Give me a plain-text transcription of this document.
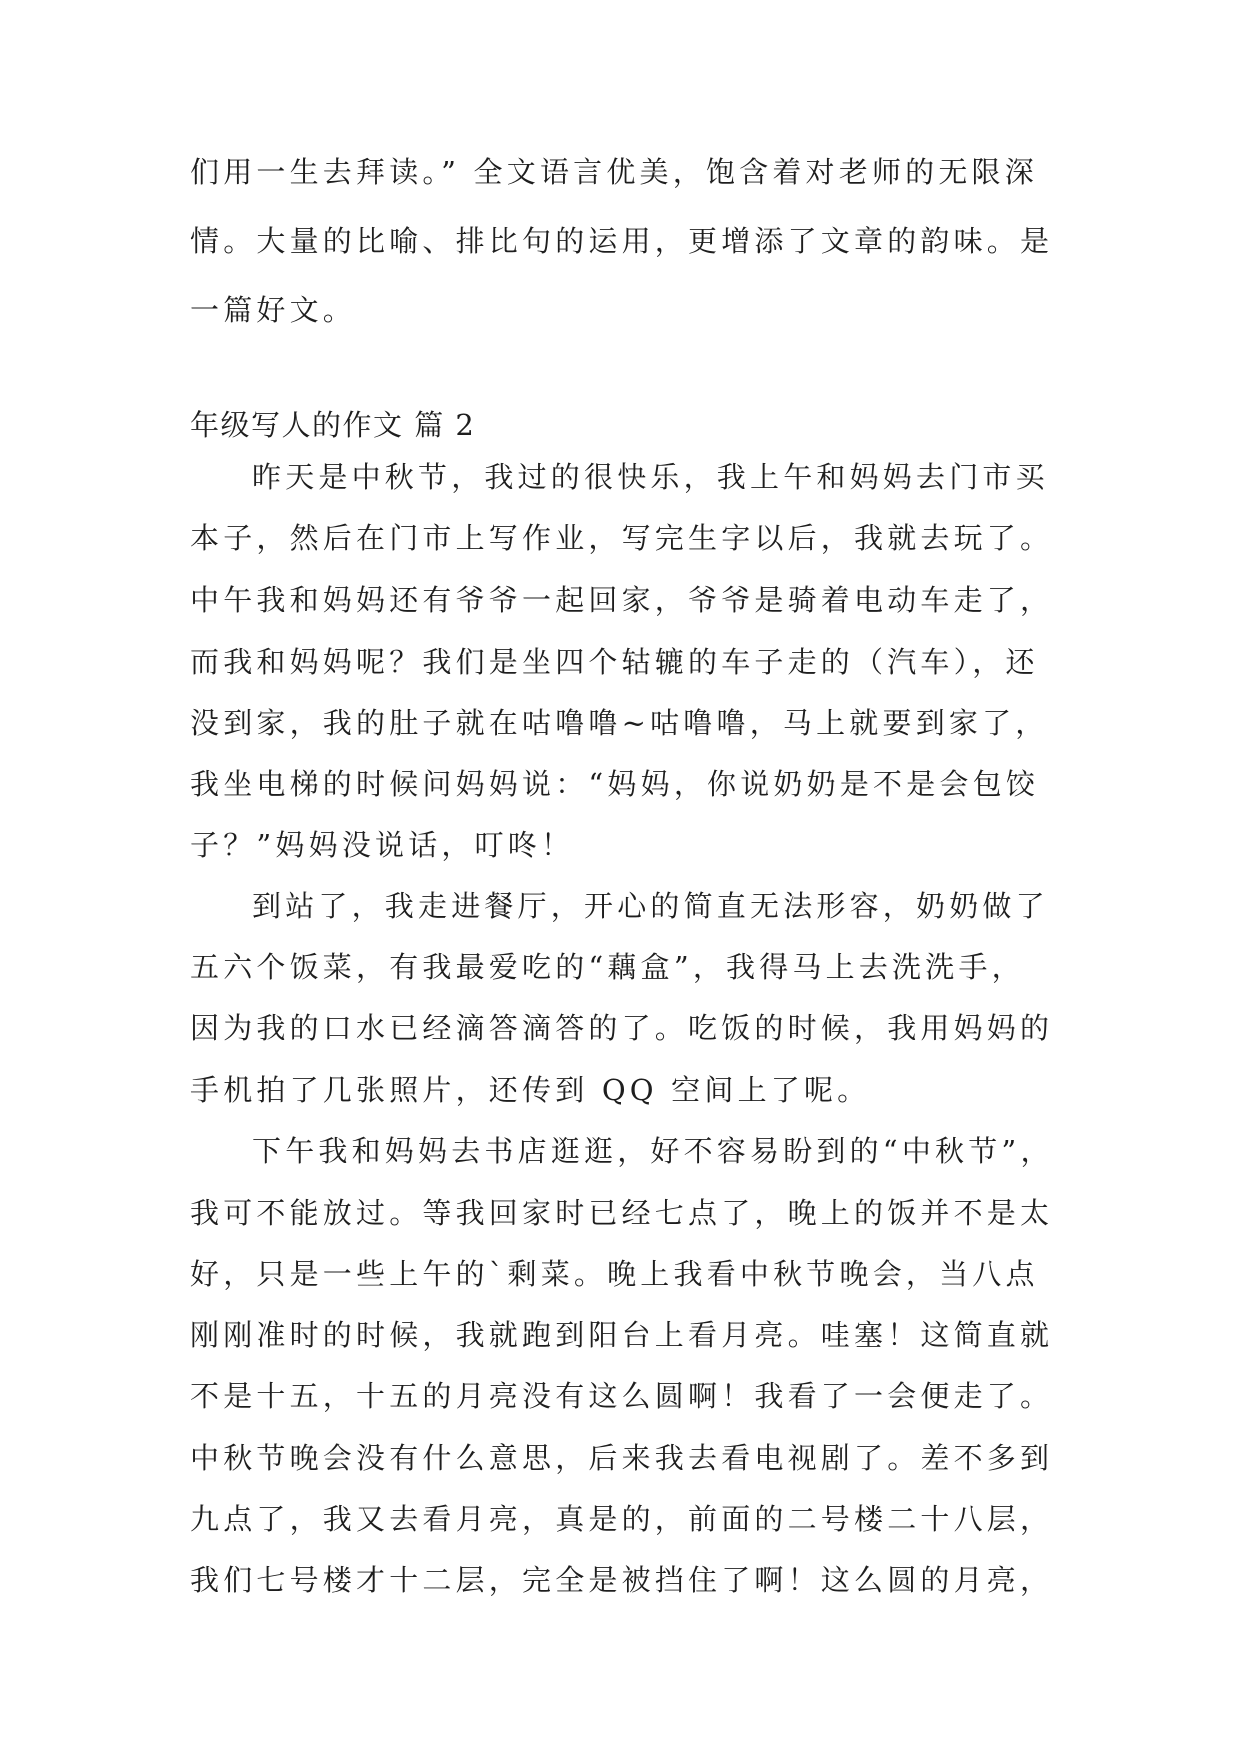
们用一生去拜读。” 全文语言优美，饱含着对老师的无限深
情。大量的比喻、排比句的运用，更增添了文章的韵味。是
一篇好文。
年级写人的作文 篇 2
昨天是中秋节，我过的很快乐，我上午和妈妈去门市买
本子，然后在门市上写作业，写完生字以后，我就去玩了。
中午我和妈妈还有爷爷一起回家，爷爷是骑着电动车走了，
而我和妈妈呢？我们是坐四个轱辘的车子走的（汽车），还
没到家，我的肚子就在咕噜噜~咕噜噜，马上就要到家了，
我坐电梯的时候问妈妈说：“妈妈，你说奶奶是不是会包饺
子？”妈妈没说话，叮咚！
到站了，我走进餐厅，开心的简直无法形容，奶奶做了
五六个饭菜，有我最爱吃的“藕盒”，我得马上去洗洗手，
因为我的口水已经滴答滴答的了。吃饭的时候，我用妈妈的
手机拍了几张照片，还传到 QQ 空间上了呢。
下午我和妈妈去书店逛逛，好不容易盼到的“中秋节”，
我可不能放过。等我回家时已经七点了，晚上的饭并不是太
好，只是一些上午的`剩菜。晚上我看中秋节晚会，当八点
刚刚准时的时候，我就跑到阳台上看月亮。哇塞！这简直就
不是十五，十五的月亮没有这么圆啊！我看了一会便走了。
中秋节晚会没有什么意思，后来我去看电视剧了。差不多到
九点了，我又去看月亮，真是的，前面的二号楼二十八层，
我们七号楼才十二层，完全是被挡住了啊！这么圆的月亮，
